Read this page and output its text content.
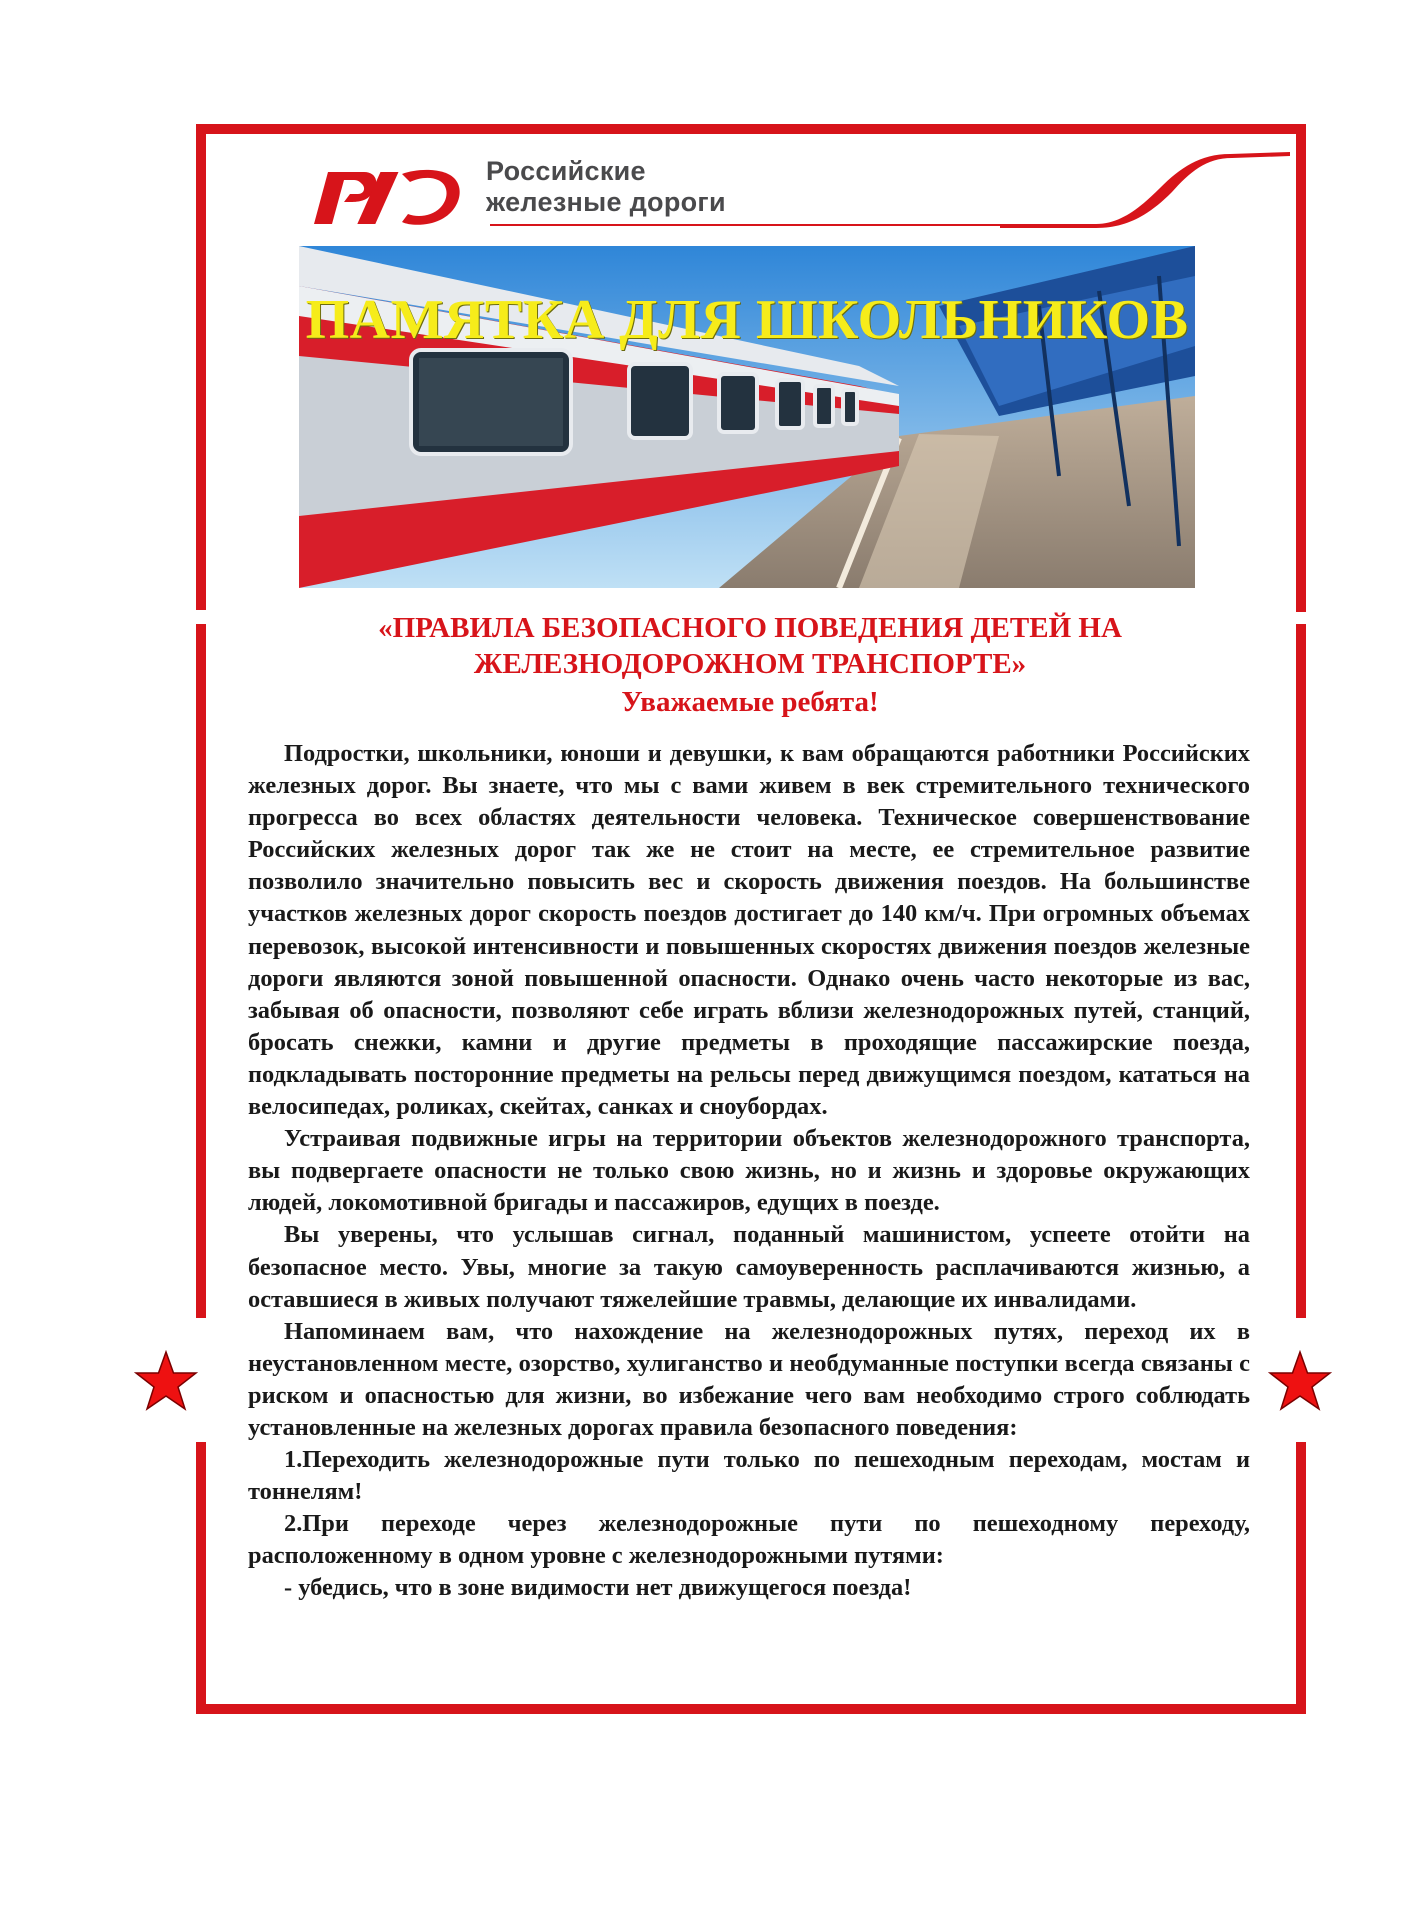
Российские
железные дороги
ПАМЯТКА ДЛЯ ШКОЛЬНИКОВ
«ПРАВИЛА БЕЗОПАСНОГО ПОВЕДЕНИЯ ДЕТЕЙ НА
ЖЕЛЕЗНОДОРОЖНОМ ТРАНСПОРТЕ»
Уважаемые ребята!

Подростки, школьники, юноши и девушки, к вам обращаются работники Российских железных дорог. Вы знаете, что мы с вами живем в век стремительного технического прогресса во всех областях деятельности человека. Техническое совершенствование Российских железных дорог так же не стоит на месте, ее стремительное развитие позволило значительно повысить вес и скорость движения поездов. На большинстве участков железных дорог скорость поездов достигает до 140 км/ч. При огромных объемах перевозок, высокой интенсивности и повышенных скоростях движения поездов железные дороги являются зоной повышенной опасности. Однако очень часто некоторые из вас, забывая об опасности, позволяют себе играть вблизи железнодорожных путей, станций, бросать снежки, камни и другие предметы в проходящие пассажирские поезда, подкладывать посторонние предметы на рельсы перед движущимся поездом, кататься на велосипедах, роликах, скейтах, санках и сноубордах.

Устраивая подвижные игры на территории объектов железнодорожного транспорта, вы подвергаете опасности не только свою жизнь, но и жизнь и здоровье окружающих людей, локомотивной бригады и пассажиров, едущих в поезде.

Вы уверены, что услышав сигнал, поданный машинистом, успеете отойти на безопасное место. Увы, многие за такую самоуверенность расплачиваются жизнью, а оставшиеся в живых получают тяжелейшие травмы, делающие их инвалидами.

Напоминаем вам, что нахождение на железнодорожных путях, переход их в неустановленном месте, озорство, хулиганство и необдуманные поступки всегда связаны с риском и опасностью для жизни, во избежание чего вам необходимо строго соблюдать установленные на железных дорогах правила безопасного поведения:

1.Переходить железнодорожные пути только по пешеходным переходам, мостам и тоннелям!

2.При переходе через железнодорожные пути по пешеходному переходу, расположенному в одном уровне с железнодорожными путями:

- убедись, что в зоне видимости нет движущегося поезда!
